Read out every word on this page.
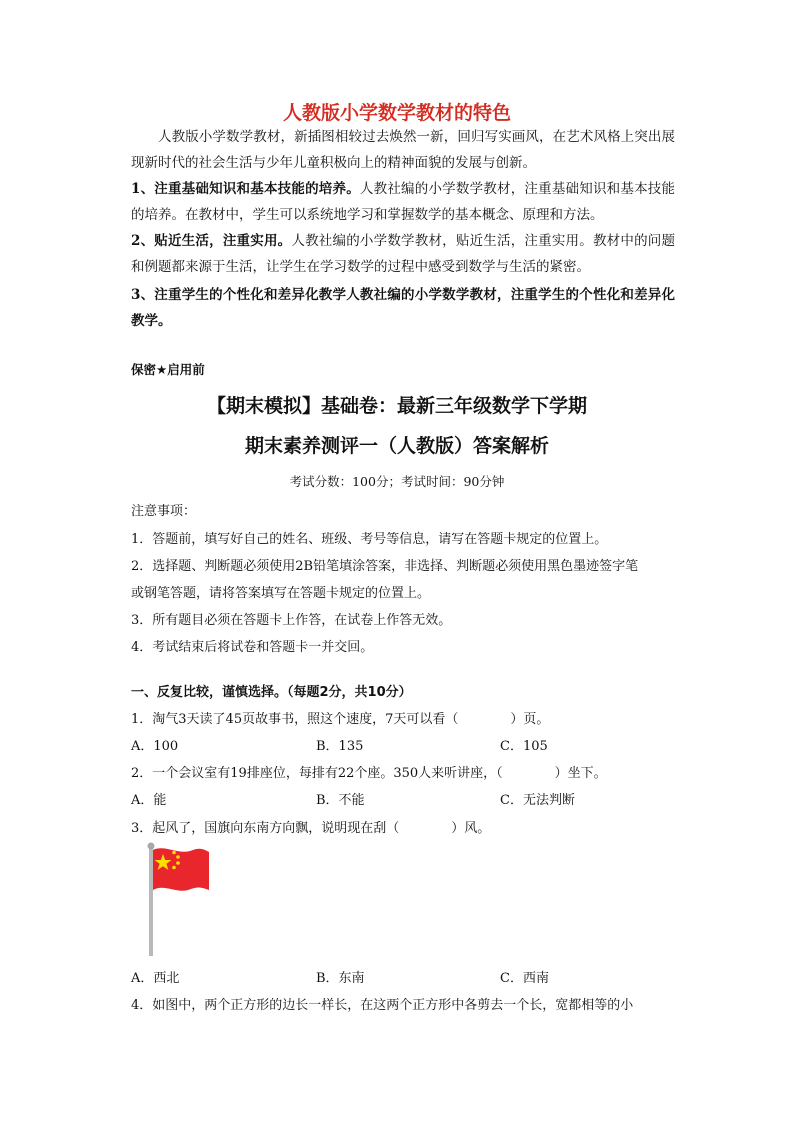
人教版小学数学教材的特色

人教版小学数学教材，新插图相较过去焕然一新，回归写实画风，在艺术风格上突出展现新时代的社会生活与少年儿童积极向上的精神面貌的发展与创新。

1、注重基础知识和基本技能的培养。人教社编的小学数学教材，注重基础知识和基本技能的培养。在教材中，学生可以系统地学习和掌握数学的基本概念、原理和方法。

2、贴近生活，注重实用。人教社编的小学数学教材，贴近生活，注重实用。教材中的问题和例题都来源于生活，让学生在学习数学的过程中感受到数学与生活的紧密。

3、注重学生的个性化和差异化教学人教社编的小学数学教材，注重学生的个性化和差异化教学。

保密★启用前
【期末模拟】基础卷：最新三年级数学下学期
期末素养测评一（人教版）答案解析
考试分数：100分；考试时间：90分钟
注意事项：
1．答题前，填写好自己的姓名、班级、考号等信息，请写在答题卡规定的位置上。
2．选择题、判断题必须使用2B铅笔填涂答案，非选择、判断题必须使用黑色墨迹签字笔
或钢笔答题，请将答案填写在答题卡规定的位置上。
3．所有题目必须在答题卡上作答，在试卷上作答无效。
4．考试结束后将试卷和答题卡一并交回。
一、反复比较，谨慎选择。（每题2分，共10分）
1．淘气3天读了45页故事书，照这个速度，7天可以看（　　　　）页。
A．100	B．135	C．105
2．一个会议室有19排座位，每排有22个座。350人来听讲座，（　　　　）坐下。
A．能	B．不能	C．无法判断
3．起风了，国旗向东南方向飘，说明现在刮（　　　　）风。
A．西北	B．东南	C．西南
4．如图中，两个正方形的边长一样长，在这两个正方形中各剪去一个长，宽都相等的小
